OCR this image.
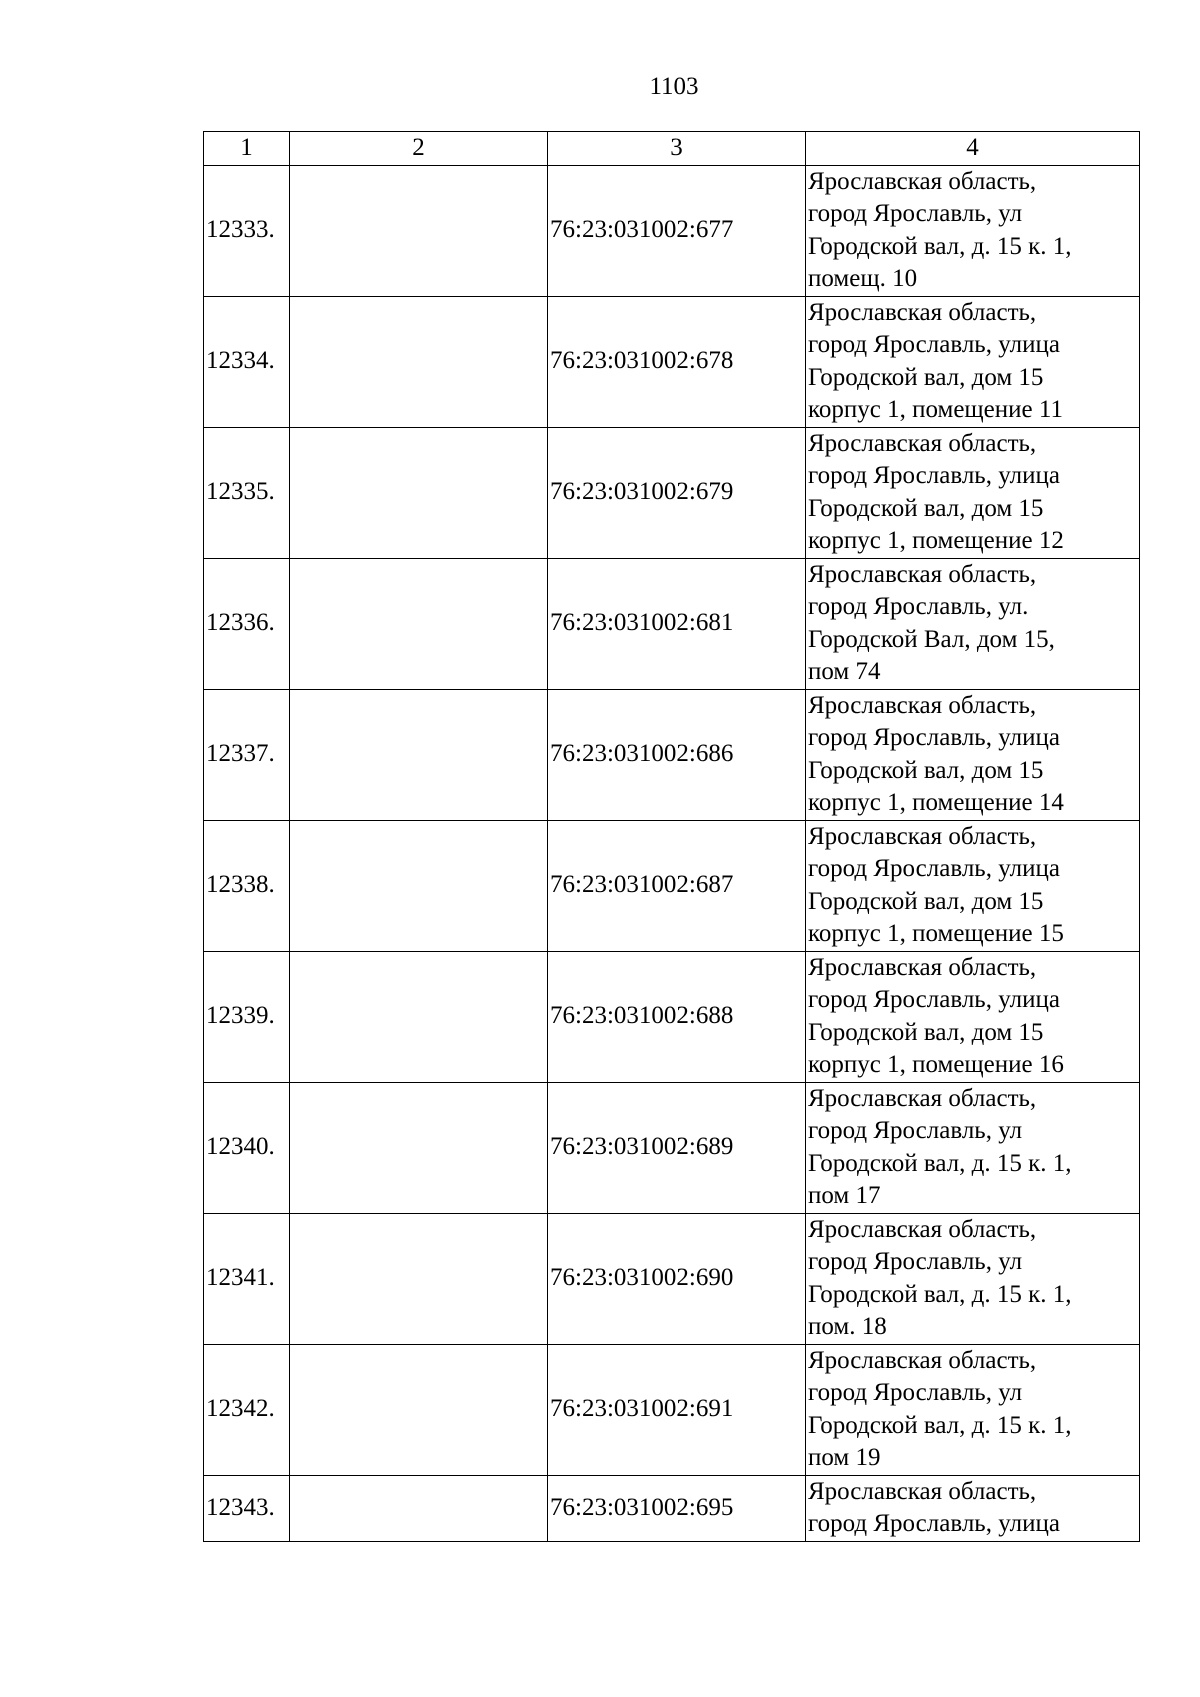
1103
1	2	3	4
12333.		76:23:031002:677	Ярославская область,
город Ярославль, ул
Городской вал, д. 15 к. 1,
помещ. 10
12334.		76:23:031002:678	Ярославская область,
город Ярославль, улица
Городской вал, дом 15
корпус 1, помещение 11
12335.		76:23:031002:679	Ярославская область,
город Ярославль, улица
Городской вал, дом 15
корпус 1, помещение 12
12336.		76:23:031002:681	Ярославская область,
город Ярославль, ул.
Городской Вал, дом 15,
пом 74
12337.		76:23:031002:686	Ярославская область,
город Ярославль, улица
Городской вал, дом 15
корпус 1, помещение 14
12338.		76:23:031002:687	Ярославская область,
город Ярославль, улица
Городской вал, дом 15
корпус 1, помещение 15
12339.		76:23:031002:688	Ярославская область,
город Ярославль, улица
Городской вал, дом 15
корпус 1, помещение 16
12340.		76:23:031002:689	Ярославская область,
город Ярославль, ул
Городской вал, д. 15 к. 1,
пом 17
12341.		76:23:031002:690	Ярославская область,
город Ярославль, ул
Городской вал, д. 15 к. 1,
пом. 18
12342.		76:23:031002:691	Ярославская область,
город Ярославль, ул
Городской вал, д. 15 к. 1,
пом 19
12343.		76:23:031002:695	Ярославская область,
город Ярославль, улица
